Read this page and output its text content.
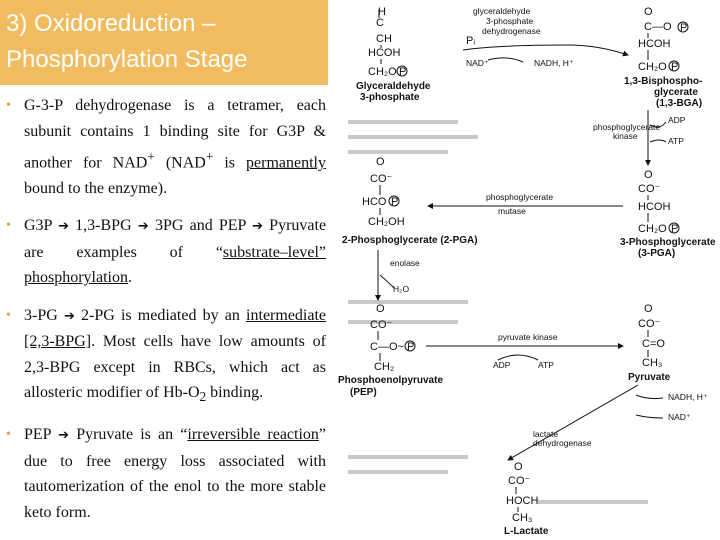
3) Oxidoreduction –
Phosphorylation Stage
• G-3-P dehydrogenase is a tetramer, each subunit contains 1 binding site for G3P & another for NAD+ (NAD+ is permanently bound to the enzyme).
• G3P ➔ 1,3-BPG ➔ 3PG and PEP ➔ Pyruvate are examples of “substrate–level” phosphorylation.
• 3-PG ➔ 2-PG is mediated by an intermediate [2,3-BPG]. Most cells have low amounts of 2,3-BPG except in RBCs, which act as allosteric modifier of $Hb-O_2$ binding.
• PEP ➔ Pyruvate is an “irreversible reaction” due to free energy loss associated with tautomerization of the enol to the more stable keto form.
H
C
CH
HCOH
CH₂O P
Glyceraldehyde
3-phosphate
glyceraldehyde
3-phosphate
dehydrogenase
Pᵢ
NAD⁺	NADH, H⁺
O
C—O P
HCOH
CH₂O P
1,3-Bisphospho-
glycerate
(1,3-BGA)
phosphoglycerate
kinase
ADP
ATP
O
CO⁻
HCOH
CH₂O P
3-Phosphoglycerate
(3-PGA)
phosphoglycerate
mutase
O
CO⁻
HCO P
CH₂OH
2-Phosphoglycerate (2-PGA)
enolase
H₂O
O
CO⁻
C—O~ P
CH₂
Phosphoenolpyruvate
(PEP)
pyruvate kinase
ADP	ATP
O
CO⁻
C=O
CH₃
Pyruvate
NADH, H⁺
NAD⁺
lactate
dehydrogenase
O
CO⁻
HOCH
CH₃
L-Lactate
